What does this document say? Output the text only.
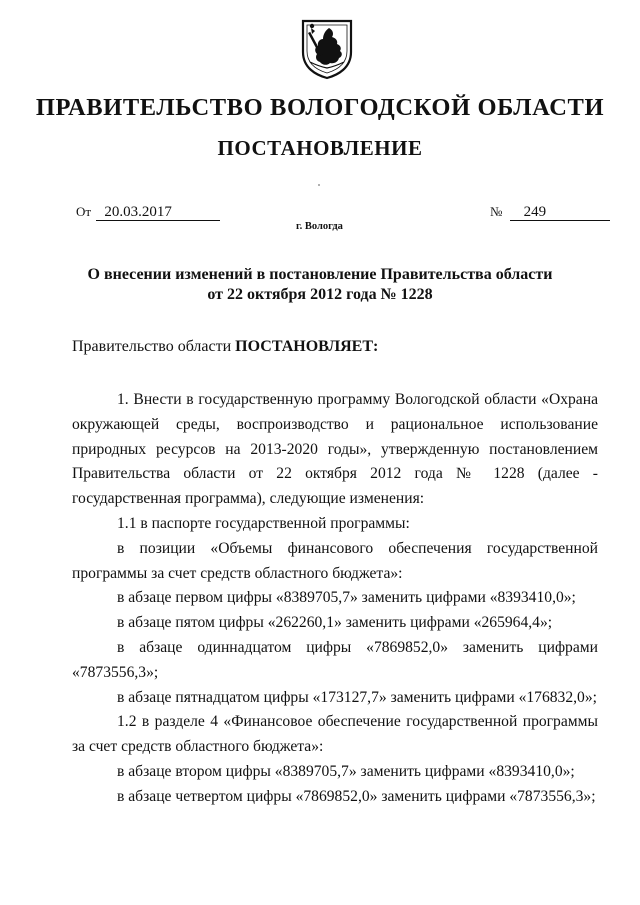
ПРАВИТЕЛЬСТВО ВОЛОГОДСКОЙ ОБЛАСТИ
ПОСТАНОВЛЕНИЕ
От 20.03.2017	№ 249
г. Вологда
О внесении изменений в постановление Правительства области
от 22 октября 2012 года № 1228
Правительство области ПОСТАНОВЛЯЕТ:

1. Внести в государственную программу Вологодской области «Охрана окружающей среды, воспроизводство и рациональное использование природных ресурсов на 2013-2020 годы», утвержденную постановлением Правительства области от 22 октября 2012 года № 1228 (далее - государственная программа), следующие изменения:

1.1 в паспорте государственной программы:

в позиции «Объемы финансового обеспечения государственной программы за счет средств областного бюджета»:

в абзаце первом цифры «8389705,7» заменить цифрами «8393410,0»;

в абзаце пятом цифры «262260,1» заменить цифрами «265964,4»;

в абзаце одиннадцатом цифры «7869852,0» заменить цифрами «7873556,3»;

в абзаце пятнадцатом цифры «173127,7» заменить цифрами «176832,0»;

1.2 в разделе 4 «Финансовое обеспечение государственной программы за счет средств областного бюджета»:

в абзаце втором цифры «8389705,7» заменить цифрами «8393410,0»;

в абзаце четвертом цифры «7869852,0» заменить цифрами «7873556,3»;
